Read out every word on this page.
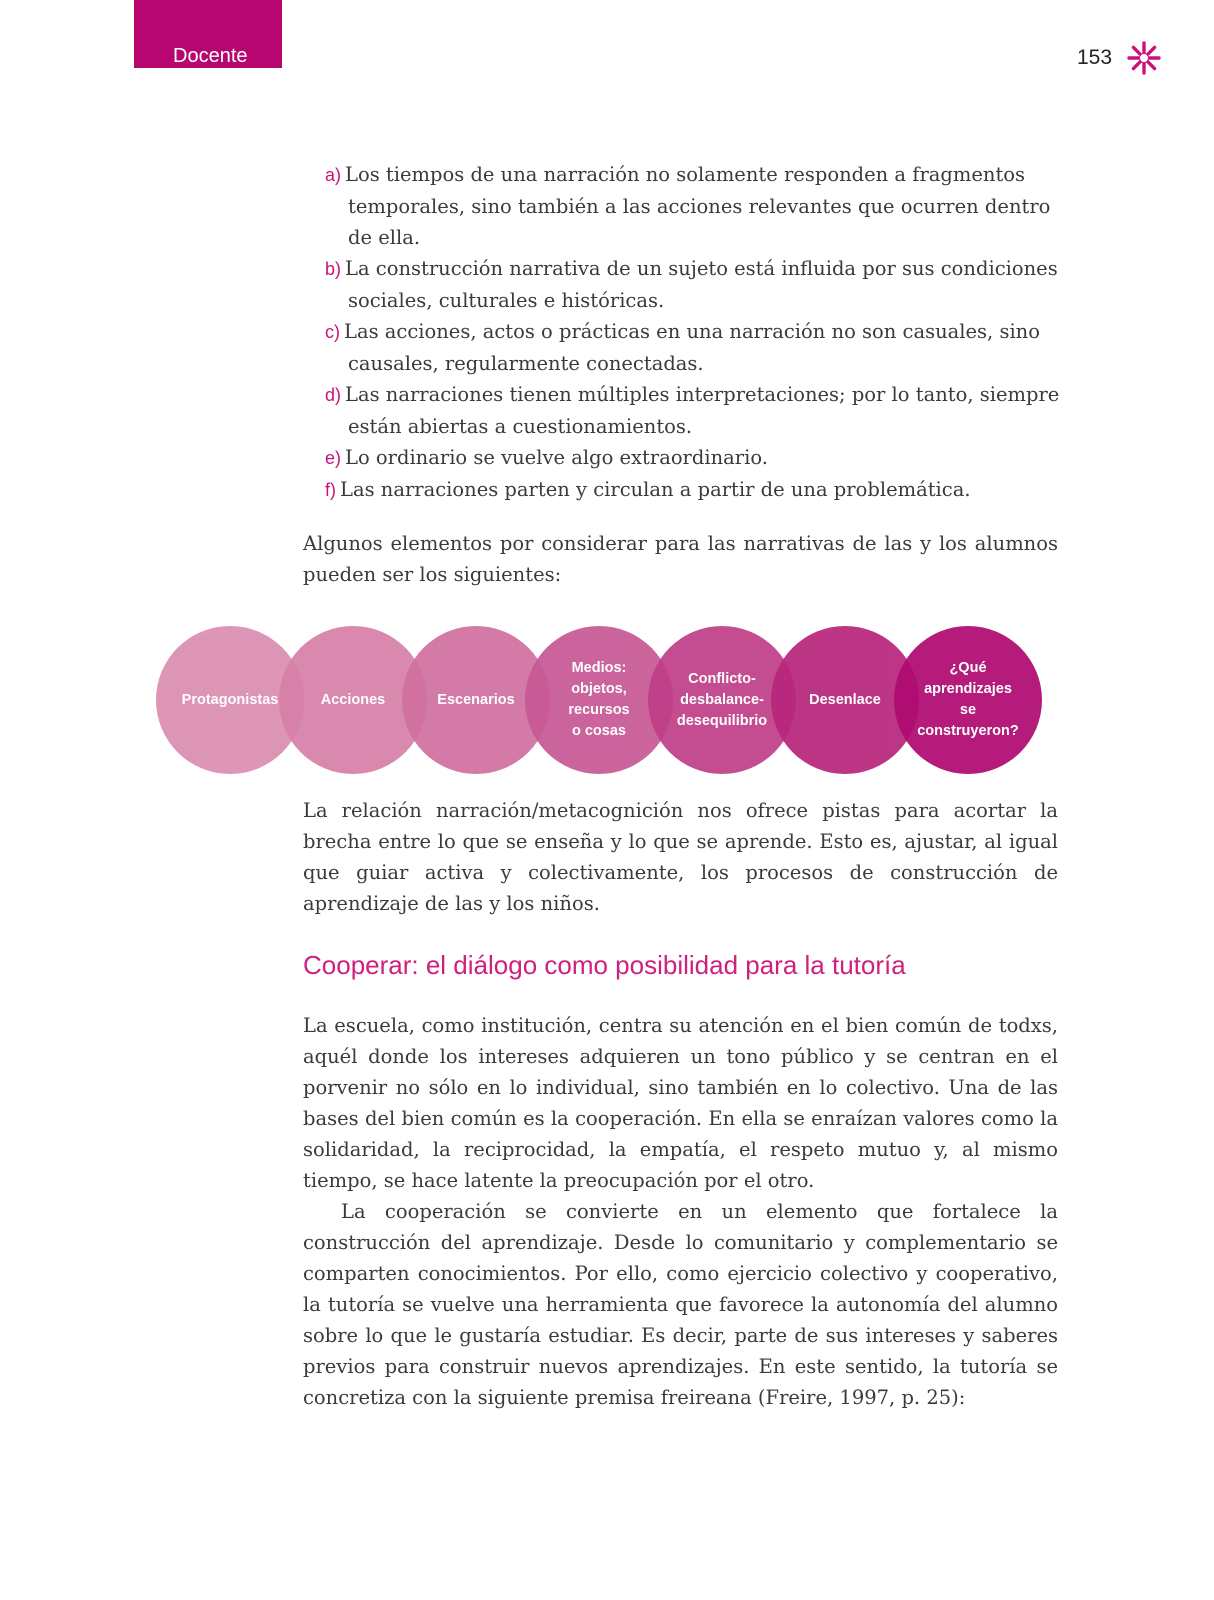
Docente	153
a) Los tiempos de una narración no solamente responden a fragmentos temporales, sino también a las acciones relevantes que ocurren dentro de ella.
b) La construcción narrativa de un sujeto está influida por sus condiciones sociales, culturales e históricas.
c) Las acciones, actos o prácticas en una narración no son casuales, sino causales, regularmente conectadas.
d) Las narraciones tienen múltiples interpretaciones; por lo tanto, siempre están abiertas a cuestionamientos.
e) Lo ordinario se vuelve algo extraordinario.
f) Las narraciones parten y circulan a partir de una problemática.

Algunos elementos por considerar para las narrativas de las y los alumnos pueden ser los siguientes:

Protagonistas	Acciones	Escenarios
Medios:
objetos,
recursos
o cosas
Conflicto-
desbalance-
desequilibrio
Desenlace
¿Qué
aprendizajes
se
construyeron?

La relación narración/metacognición nos ofrece pistas para acortar la brecha entre lo que se enseña y lo que se aprende. Esto es, ajustar, al igual que guiar activa y colectivamente, los procesos de construcción de aprendizaje de las y los niños.

Cooperar: el diálogo como posibilidad para la tutoría

La escuela, como institución, centra su atención en el bien común de todxs, aquél donde los intereses adquieren un tono público y se centran en el porvenir no sólo en lo individual, sino también en lo colectivo. Una de las bases del bien común es la cooperación. En ella se enraízan valores como la solidaridad, la reciprocidad, la empatía, el respeto mutuo y, al mismo tiempo, se hace latente la preocupación por el otro.

La cooperación se convierte en un elemento que fortalece la construcción del aprendizaje. Desde lo comunitario y complementario se comparten conocimientos. Por ello, como ejercicio colectivo y cooperativo, la tutoría se vuelve una herramienta que favorece la autonomía del alumno sobre lo que le gustaría estudiar. Es decir, parte de sus intereses y saberes previos para construir nuevos aprendizajes. En este sentido, la tutoría se concretiza con la siguiente premisa freireana (Freire, 1997, p. 25):
